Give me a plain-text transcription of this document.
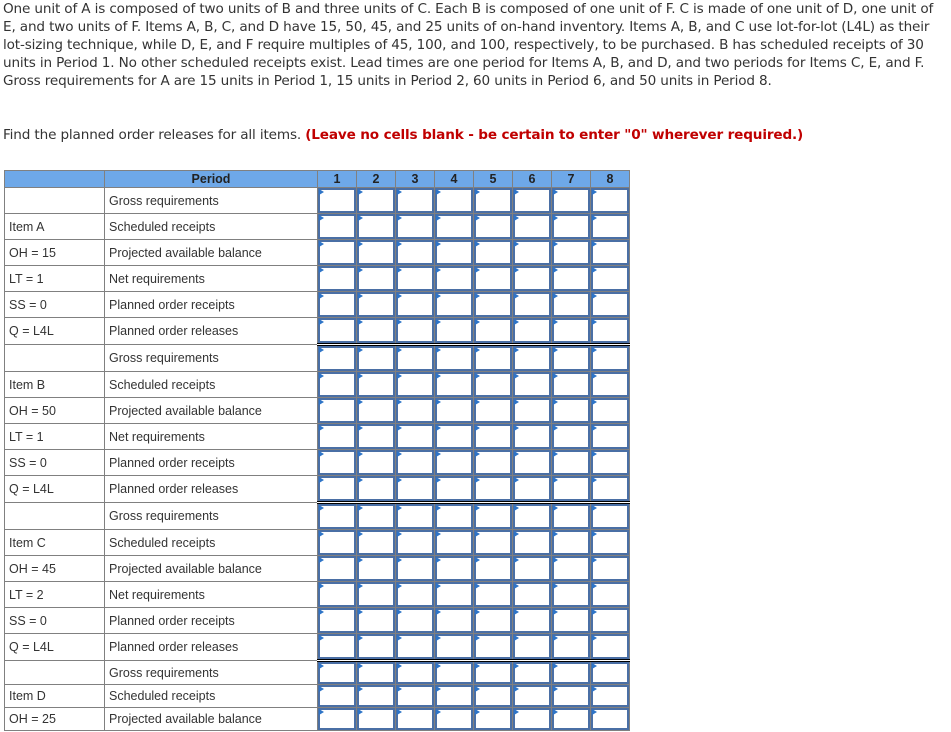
One unit of A is composed of two units of B and three units of C. Each B is composed of one unit of F. C is made of one unit of D, one unit of E, and two units of F. Items A, B, C, and D have 15, 50, 45, and 25 units of on-hand inventory. Items A, B, and C use lot-for-lot (L4L) as their lot-sizing technique, while D, E, and F require multiples of 45, 100, and 100, respectively, to be purchased. B has scheduled receipts of 30 units in Period 1. No other scheduled receipts exist. Lead times are one period for Items A, B, and D, and two periods for Items C, E, and F. Gross requirements for A are 15 units in Period 1, 15 units in Period 2, 60 units in Period 6, and 50 units in Period 8.

Find the planned order releases for all items. (Leave no cells blank - be certain to enter "0" wherever required.)
	Period	1	2	3	4	5	6	7	8
	Gross requirements	

Item A	Scheduled receipts	

OH = 15	Projected available balance	

LT = 1	Net requirements	

SS = 0	Planned order receipts	

Q = L4L	Planned order releases	

	Gross requirements	

Item B	Scheduled receipts	

OH = 50	Projected available balance	

LT = 1	Net requirements	

SS = 0	Planned order receipts	

Q = L4L	Planned order releases	

	Gross requirements	

Item C	Scheduled receipts	

OH = 45	Projected available balance	

LT = 2	Net requirements	

SS = 0	Planned order receipts	

Q = L4L	Planned order releases	

	Gross requirements	

Item D	Scheduled receipts	

OH = 25	Projected available balance	
